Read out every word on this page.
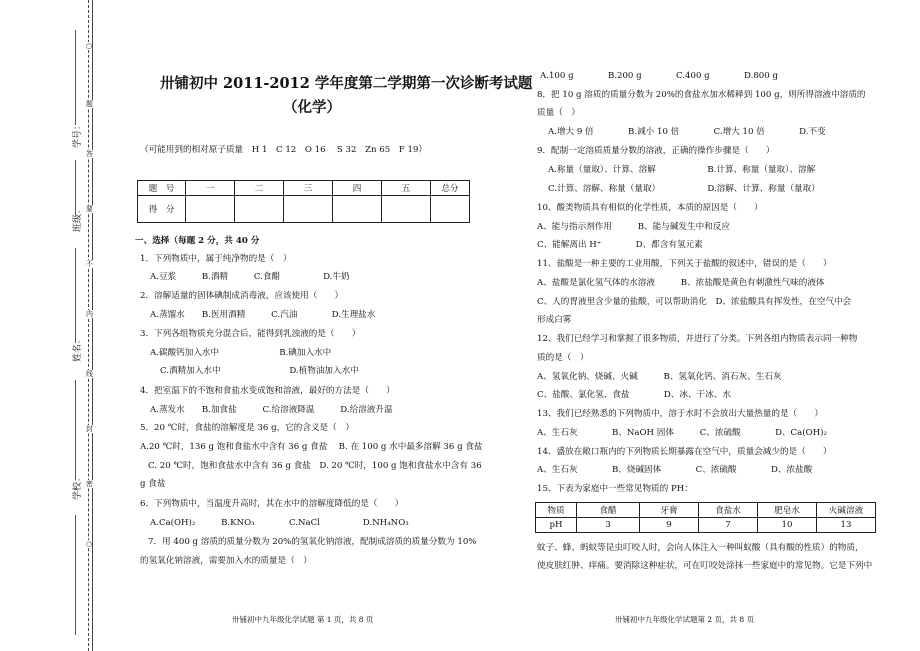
学号：
班级：
姓名：
学校：
○
题
答
要
不
内
线
封
密
○
卅铺初中 2011-2012 学年度第二学期第一次诊断考试题
（化学）
（可能用到的相对原子质量　H 1　C 12　O 16　 S 32　Zn 65　F 19）
题　号	一	二	三	四	五	总分
得　分						
一、选择（每题 2 分，共 40 分
1．下列物质中，属于纯净物的是（　）
A.豆浆　　　B.酒精　　　C.食醋　　　　　D.牛奶
2．溶解适量的固体碘制成消毒液，应该使用（　　）
A.蒸馏水　　B.医用酒精　　　C.汽油　　　　D.生理盐水
3．下列各组物质充分混合后，能得到乳浊液的是（　　）
A.碳酸钙加入水中　　　　　　　B.碘加入水中
C.酒精加入水中　　　　　　　　D.植物油加入水中
4．把室温下的不饱和食盐水变成饱和溶液，最好的方法是（　　）
A.蒸发水　　B.加食盐　　　C.给溶液降温　　　D.给溶液升温
5．20 ℃时，食盐的溶解度是 36 g，它的含义是（　）
A.20 ℃时，136 g 饱和食盐水中含有 36 g 食盐　 B. 在 100 g 水中最多溶解 36 g 食盐
C. 20 ℃时，饱和食盐水中含有 36 g 食盐　D. 20 ℃时，100 g 饱和食盐水中含有 36
g 食盐
6．下列物质中，当温度升高时，其在水中的溶解度降低的是（　　）
A.Ca(OH)₂　　　B.KNO₃　　　　C.NaCl　　　　　D.NH₄NO₃
7．用 400 g 溶质的质量分数为 20%的氢氧化钠溶液，配制成溶质的质量分数为 10%
的氢氧化钠溶液，需要加入水的质量是（　）
卅铺初中九年级化学试题 第 1 页，共 8 页
A.100 g　　　　B.200 g　　　　C.400 g　　　　D.800 g
8．把 10 g 溶质的质量分数为 20%的食盐水加水稀释到 100 g，则所得溶液中溶质的
质量（　）
A.增大 9 倍　　　　B.减小 10 倍　　　　C.增大 10 倍　　　　D.不变
9．配制一定溶质质量分数的溶液，正确的操作步骤是（　　）
A.称量（量取）、计算、溶解　　　　　　B.计算、称量（量取）、溶解
C.计算、溶解、称量（量取）　　　　　　D.溶解、计算、称量（量取）
10、酸类物质具有相似的化学性质，本质的原因是（　　）
A、能与指示剂作用　　　B、能与碱发生中和反应
C、能解离出 H⁺　　　　D、都含有氢元素
11、盐酸是一种主要的工业用酸，下列关于盐酸的叙述中，错误的是（　　）
A、盐酸是氯化氢气体的水溶液　　　B、浓盐酸是黄色有刺激性气味的液体
C、人的胃液里含少量的盐酸，可以帮助消化　D、浓盐酸具有挥发性，在空气中会
形成白雾
12、我们已经学习和掌握了很多物质，并进行了分类。下列各组内物质表示同一种物
质的是（　）
A、氢氧化钠、烧碱、火碱　　　B、氢氧化钙、消石灰、生石灰
C、盐酸、氯化氢、食盐　　　　D、冰、干冰、水
13、我们已经熟悉的下列物质中，溶于水时不会放出大量热量的是（　　）
A、生石灰　　　　B、NaOH 固体　　　C、浓硫酸　　　　D、Ca(OH)₂
14、盛放在敞口瓶内的下列物质长期暴露在空气中，质量会减少的是（　　）
A、生石灰　　　　B、烧碱固体　　　　C、浓硫酸　　　　D、浓盐酸
15、下表为家庭中一些常见物质的 PH：
物质	食醋	牙膏	食盐水	肥皂水	火碱溶液
pH	3	9	7	10	13
蚊子、蜂、蚂蚁等昆虫叮咬人时，会向人体注入一种叫蚁酸（具有酸的性质）的物质，
使皮肤红肿、痒痛。要消除这种症状，可在叮咬处涂抹一些家庭中的常见物。它是下列中
卅铺初中九年级化学试题第 2 页，共 8 页
